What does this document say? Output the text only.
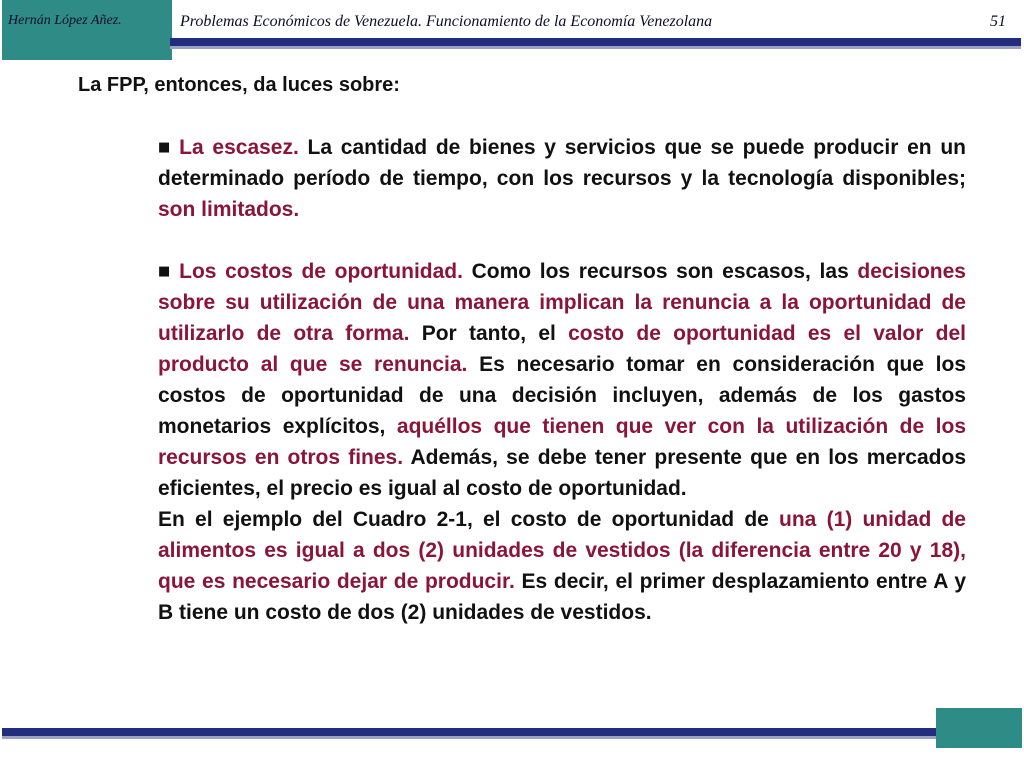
Hernán López Añez.	Problemas Económicos de Venezuela. Funcionamiento de la Economía Venezolana	51
La FPP, entonces, da luces sobre:

■ La escasez. La cantidad de bienes y servicios que se puede producir en un determinado período de tiempo, con los recursos y la tecnología disponibles; son limitados.

■ Los costos de oportunidad. Como los recursos son escasos, las decisiones sobre su utilización de una manera implican la renuncia a la oportunidad de utilizarlo de otra forma. Por tanto, el costo de oportunidad es el valor del producto al que se renuncia. Es necesario tomar en consideración que los costos de oportunidad de una decisión incluyen, además de los gastos monetarios explícitos, aquéllos que tienen que ver con la utilización de los recursos en otros fines. Además, se debe tener presente que en los mercados eficientes, el precio es igual al costo de oportunidad.

En el ejemplo del Cuadro 2-1, el costo de oportunidad de una (1) unidad de alimentos es igual a dos (2) unidades de vestidos (la diferencia entre 20 y 18), que es necesario dejar de producir. Es decir, el primer desplazamiento entre A y B tiene un costo de dos (2) unidades de vestidos.
